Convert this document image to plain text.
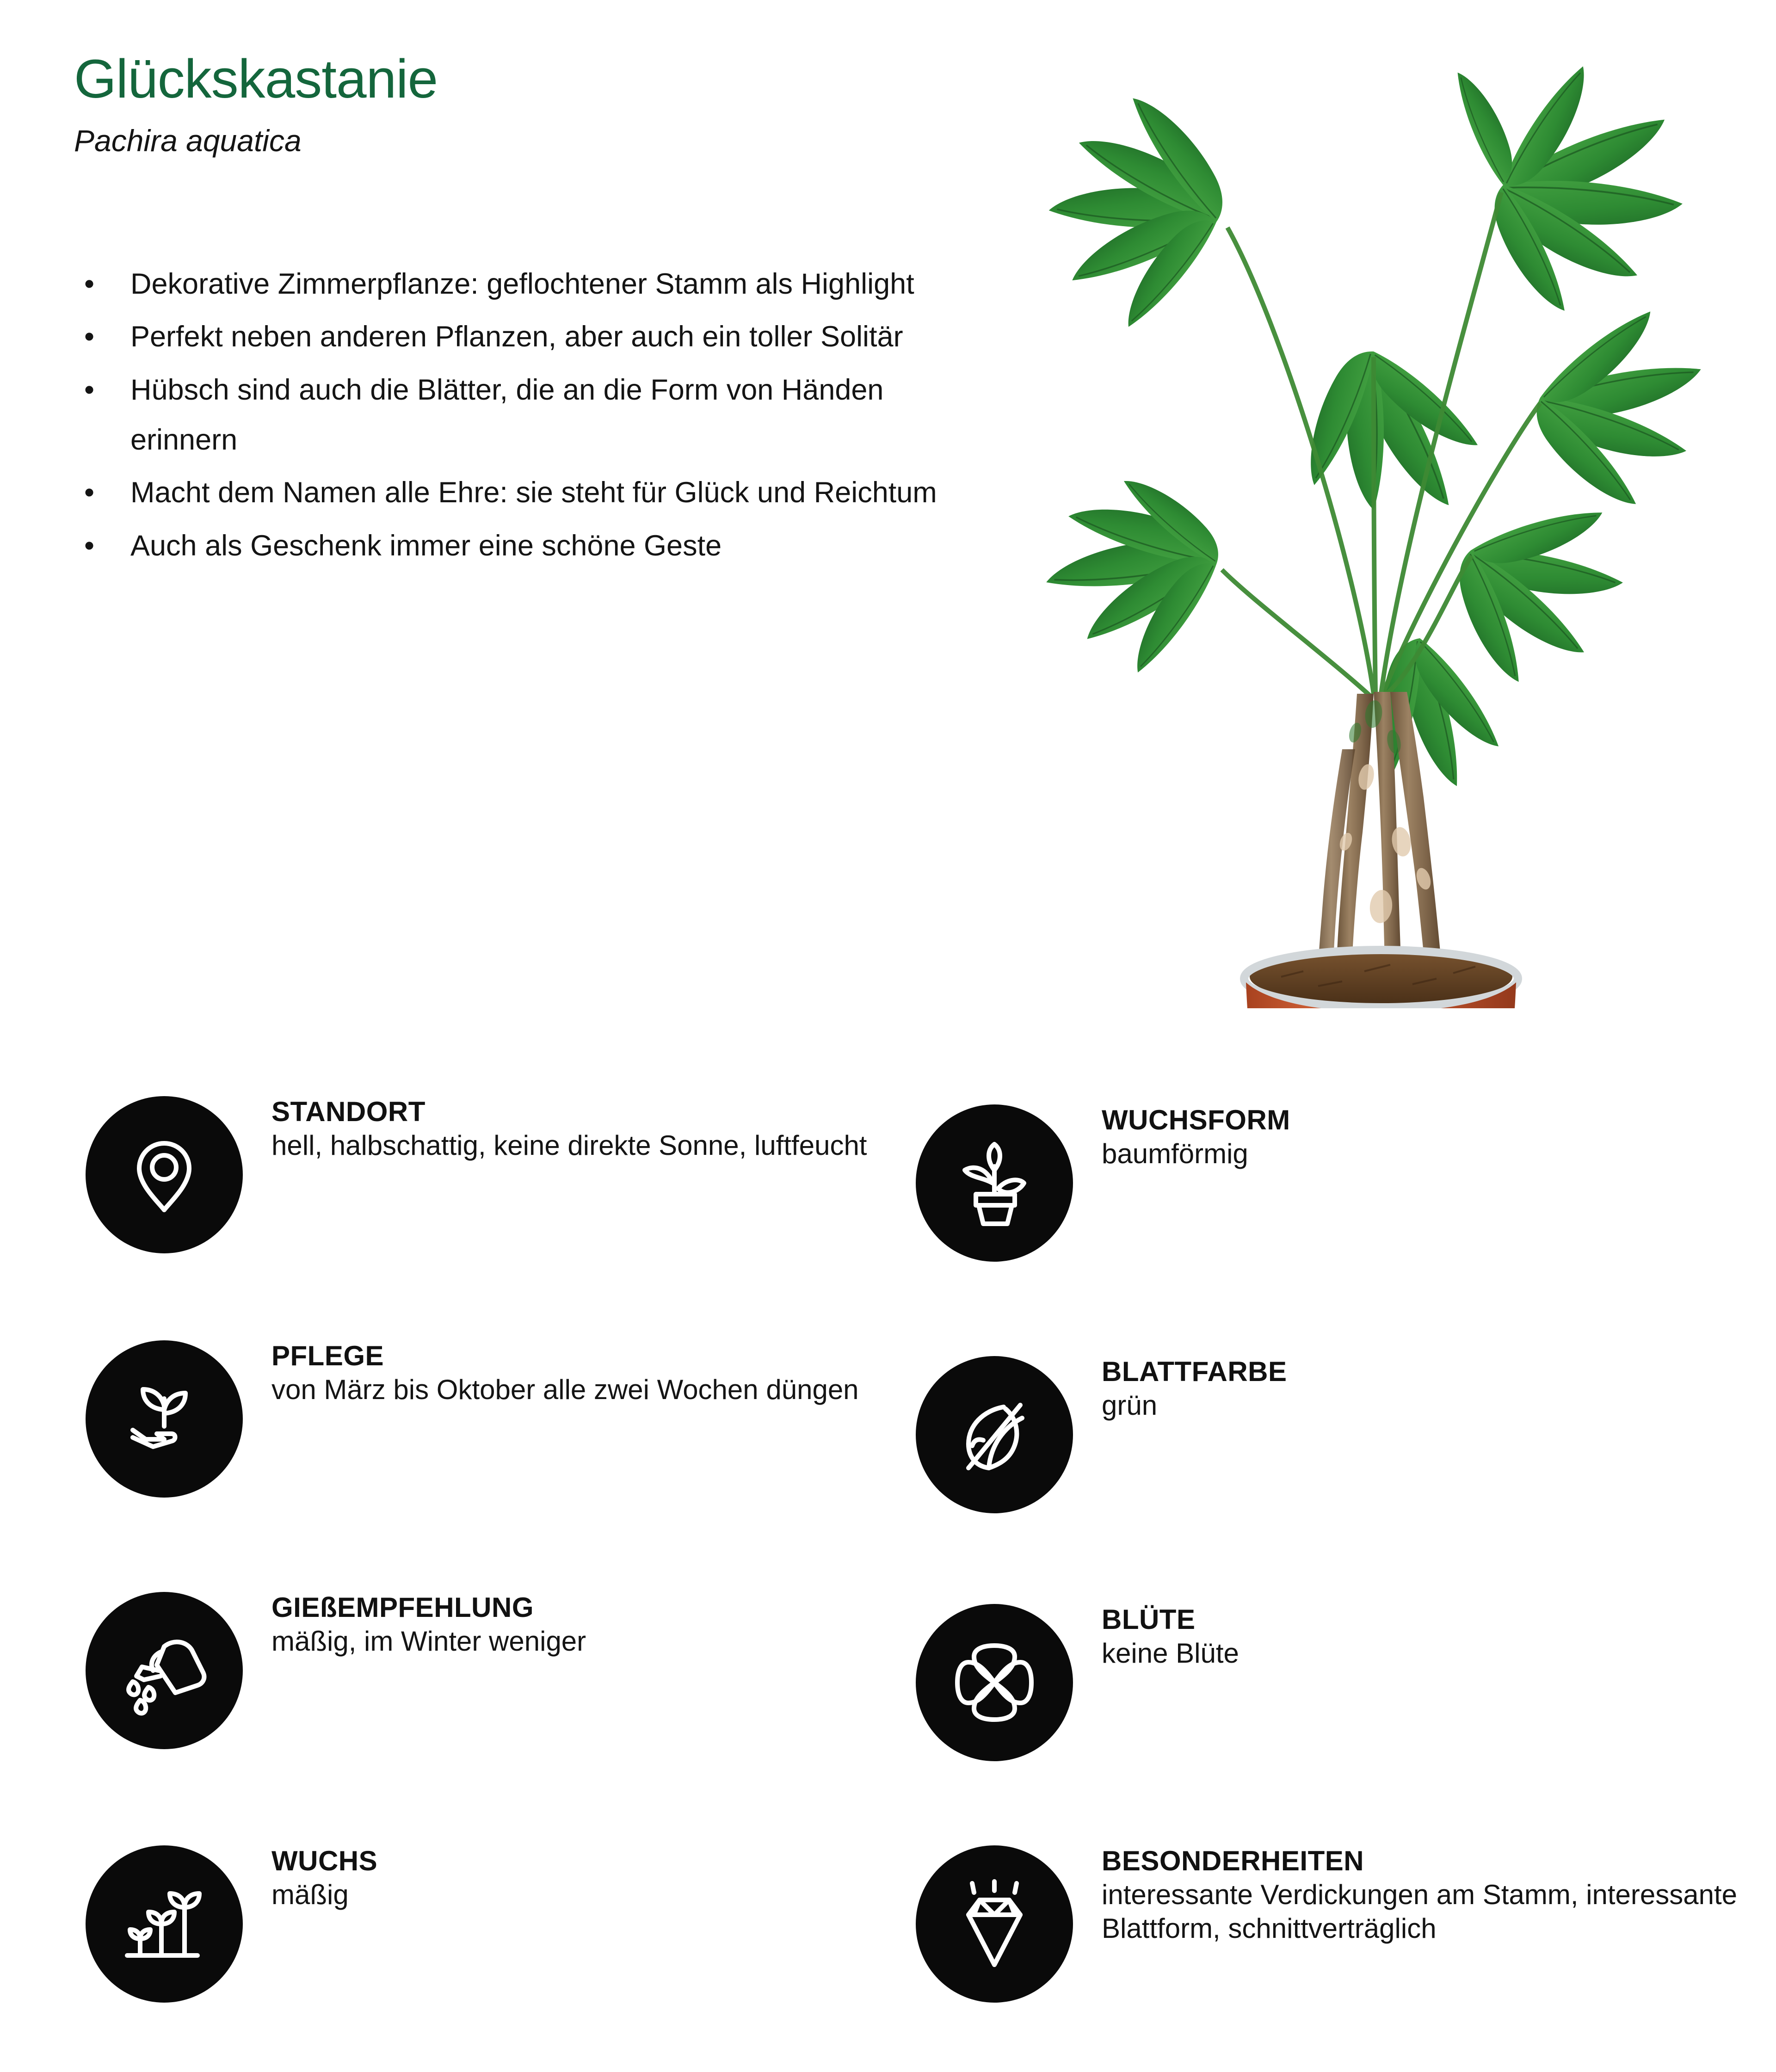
Glückskastanie
Pachira aquatica
• Dekorative Zimmerpflanze: geflochtener Stamm als Highlight
• Perfekt neben anderen Pflanzen, aber auch ein toller Solitär
• Hübsch sind auch die Blätter, die an die Form von Händen erinnern
• Macht dem Namen alle Ehre: sie steht für Glück und Reichtum
• Auch als Geschenk immer eine schöne Geste
STANDORT
hell, halbschattig, keine direkte Sonne, luftfeucht
PFLEGE
von März bis Oktober alle zwei Wochen düngen
GIEßEMPFEHLUNG
mäßig, im Winter weniger
WUCHS
mäßig
WUCHSFORM
baumförmig
BLATTFARBE
grün
BLÜTE
keine Blüte
BESONDERHEITEN
interessante Verdickungen am Stamm, interessante Blattform, schnittverträglich
